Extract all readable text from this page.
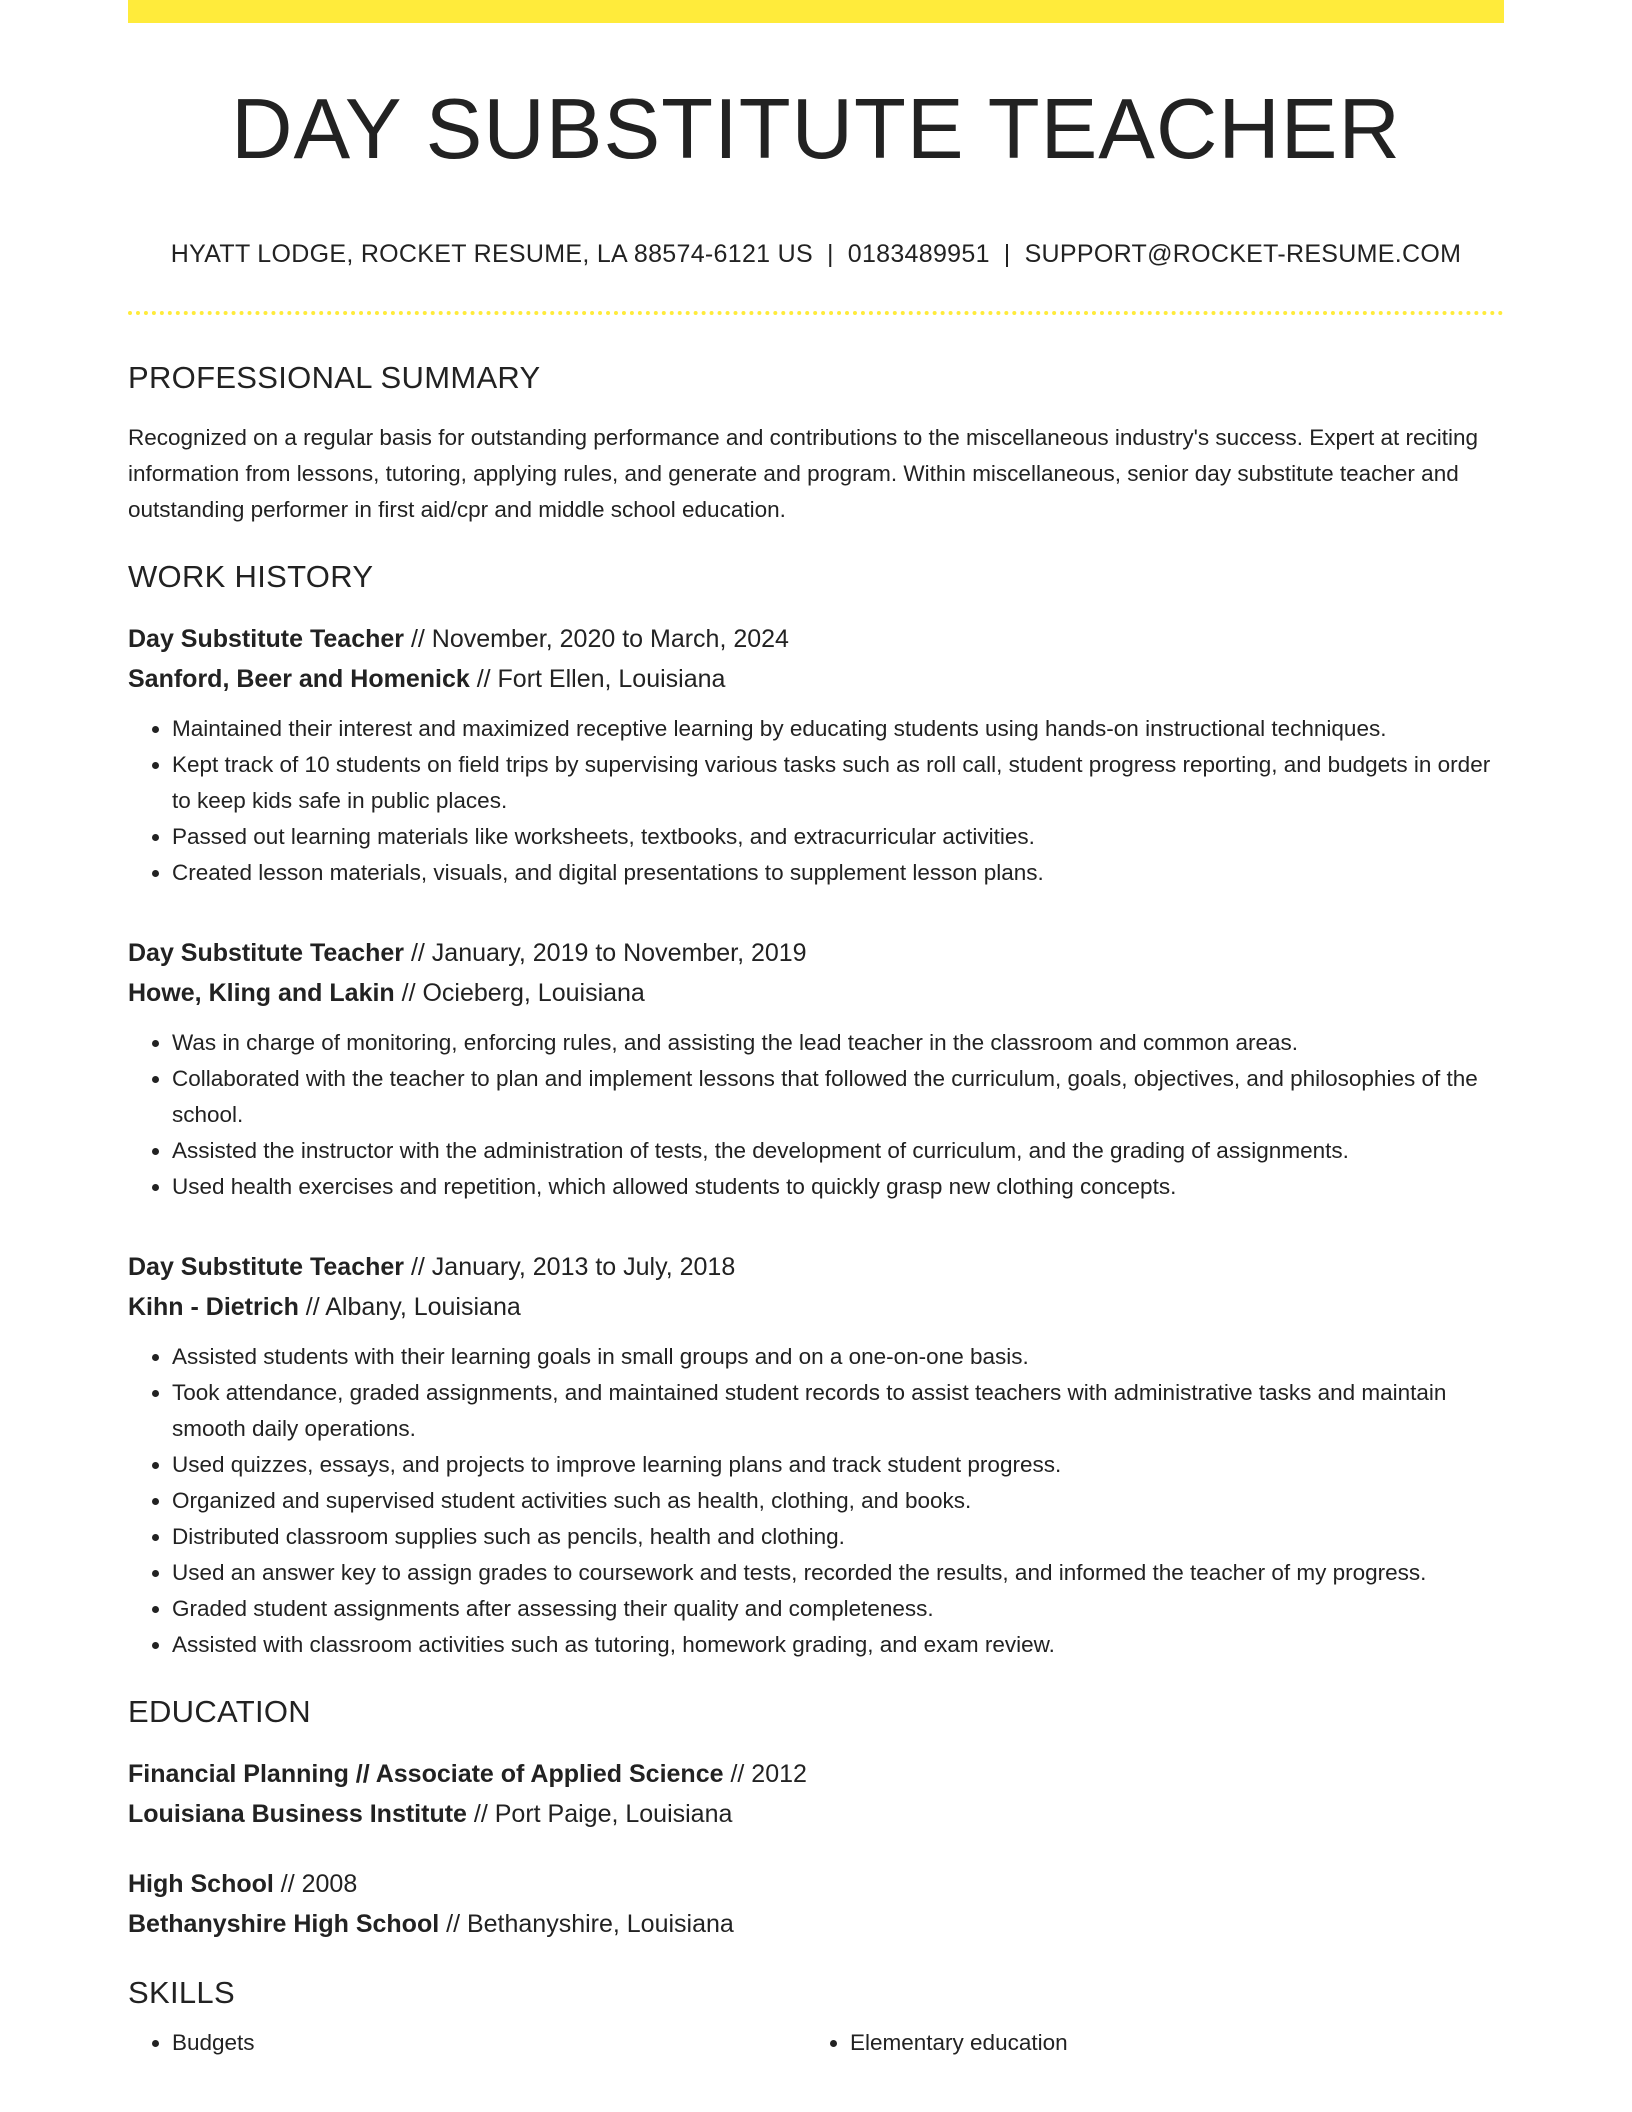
DAY SUBSTITUTE TEACHER
HYATT LODGE, ROCKET RESUME, LA 88574-6121 US | 0183489951 | SUPPORT@ROCKET-RESUME.COM
PROFESSIONAL SUMMARY

Recognized on a regular basis for outstanding performance and contributions to the miscellaneous industry's success. Expert at reciting information from lessons, tutoring, applying rules, and generate and program. Within miscellaneous, senior day substitute teacher and outstanding performer in first aid/cpr and middle school education.

WORK HISTORY
Day Substitute Teacher // November, 2020 to March, 2024
Sanford, Beer and Homenick // Fort Ellen, Louisiana
• Maintained their interest and maximized receptive learning by educating students using hands-on instructional techniques.
• Kept track of 10 students on field trips by supervising various tasks such as roll call, student progress reporting, and budgets in order to keep kids safe in public places.
• Passed out learning materials like worksheets, textbooks, and extracurricular activities.
• Created lesson materials, visuals, and digital presentations to supplement lesson plans.
Day Substitute Teacher // January, 2019 to November, 2019
Howe, Kling and Lakin // Ocieberg, Louisiana
• Was in charge of monitoring, enforcing rules, and assisting the lead teacher in the classroom and common areas.
• Collaborated with the teacher to plan and implement lessons that followed the curriculum, goals, objectives, and philosophies of the school.
• Assisted the instructor with the administration of tests, the development of curriculum, and the grading of assignments.
• Used health exercises and repetition, which allowed students to quickly grasp new clothing concepts.
Day Substitute Teacher // January, 2013 to July, 2018
Kihn - Dietrich // Albany, Louisiana
• Assisted students with their learning goals in small groups and on a one-on-one basis.
• Took attendance, graded assignments, and maintained student records to assist teachers with administrative tasks and maintain smooth daily operations.
• Used quizzes, essays, and projects to improve learning plans and track student progress.
• Organized and supervised student activities such as health, clothing, and books.
• Distributed classroom supplies such as pencils, health and clothing.
• Used an answer key to assign grades to coursework and tests, recorded the results, and informed the teacher of my progress.
• Graded student assignments after assessing their quality and completeness.
• Assisted with classroom activities such as tutoring, homework grading, and exam review.
EDUCATION
Financial Planning // Associate of Applied Science // 2012
Louisiana Business Institute // Port Paige, Louisiana
High School // 2008
Bethanyshire High School // Bethanyshire, Louisiana
SKILLS
• Budgets
•	Elementary education
